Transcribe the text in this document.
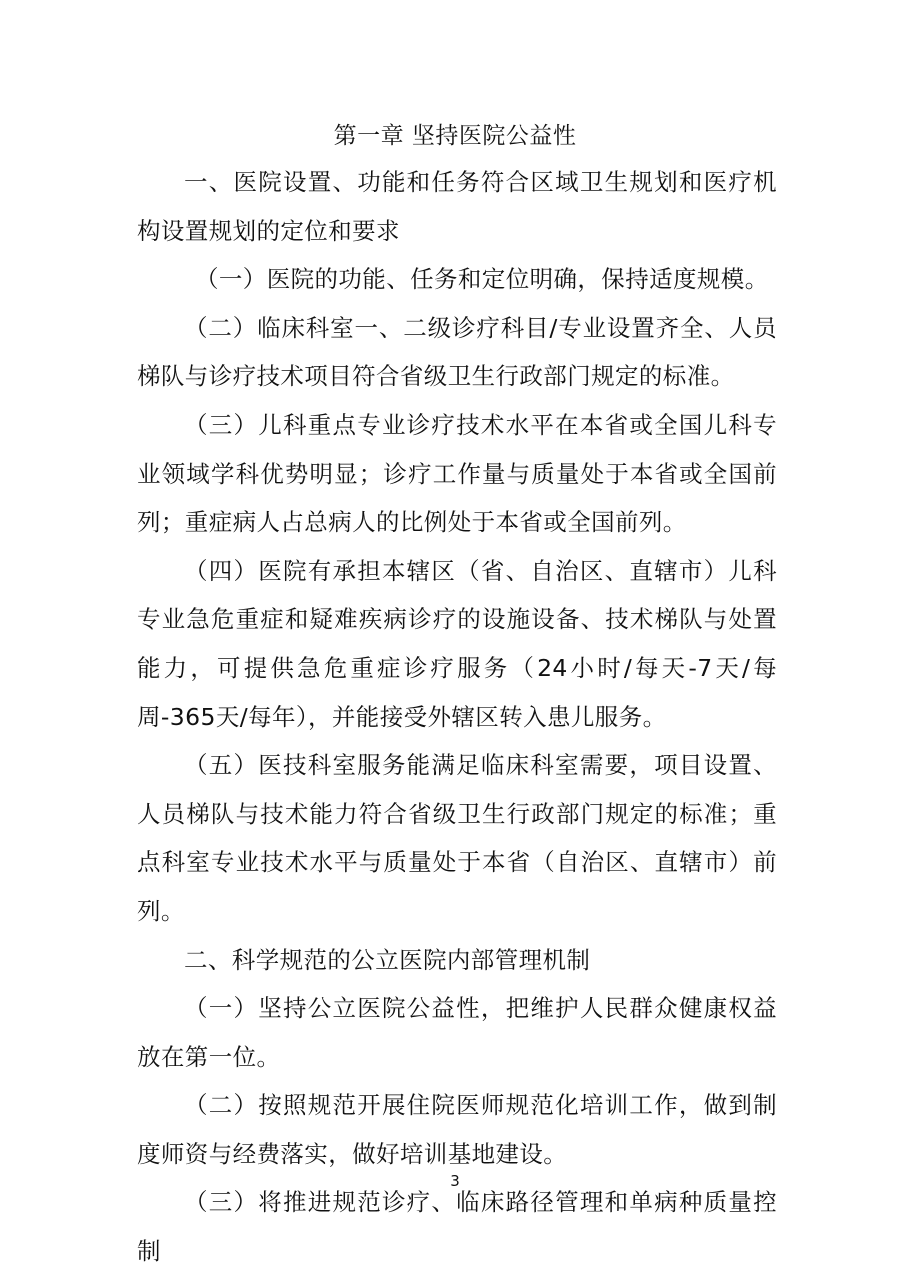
第一章 坚持医院公益性

一、医院设置、功能和任务符合区域卫生规划和医疗机构设置规划的定位和要求

（一）医院的功能、任务和定位明确，保持适度规模。

（二）临床科室一、二级诊疗科目/专业设置齐全、人员梯队与诊疗技术项目符合省级卫生行政部门规定的标准。

（三）儿科重点专业诊疗技术水平在本省或全国儿科专业领域学科优势明显；诊疗工作量与质量处于本省或全国前列；重症病人占总病人的比例处于本省或全国前列。

（四）医院有承担本辖区（省、自治区、直辖市）儿科专业急危重症和疑难疾病诊疗的设施设备、技术梯队与处置能力，可提供急危重症诊疗服务（24小时/每天-7天/每周-365天/每年），并能接受外辖区转入患儿服务。

（五）医技科室服务能满足临床科室需要，项目设置、人员梯队与技术能力符合省级卫生行政部门规定的标准；重点科室专业技术水平与质量处于本省（自治区、直辖市）前列。

二、科学规范的公立医院内部管理机制

（一）坚持公立医院公益性，把维护人民群众健康权益放在第一位。

（二）按照规范开展住院医师规范化培训工作，做到制度师资与经费落实，做好培训基地建设。

（三）将推进规范诊疗、临床路径管理和单病种质量控制

3
